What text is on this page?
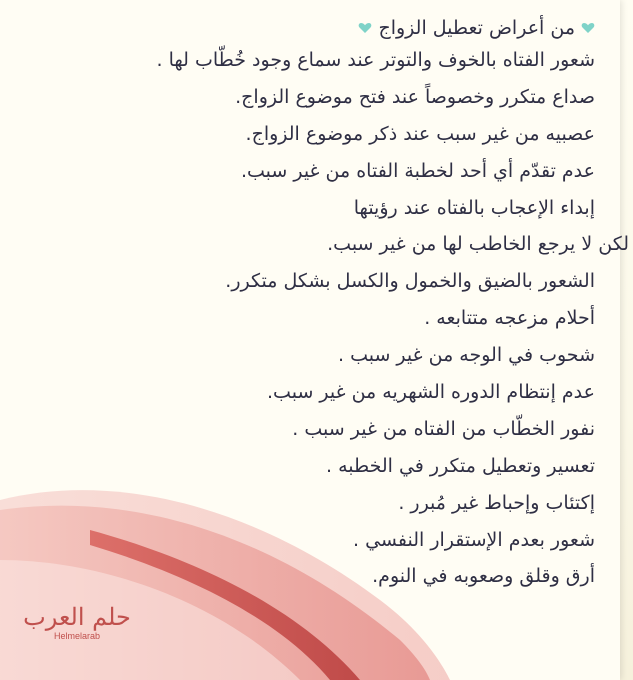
من أعراض تعطيل الزواج
شعور الفتاه بالخوف والتوتر عند سماع وجود خُطّاب لها .
صداع متكرر وخصوصاً عند فتح موضوع الزواج.
عصبيه من غير سبب عند ذكر موضوع الزواج.
عدم تقدّم أي أحد لخطبة الفتاه من غير سبب.
إبداء الإعجاب بالفتاه عند رؤيتها
لكن لا يرجع الخاطب لها من غير سبب.
الشعور بالضيق والخمول والكسل بشكل متكرر.
أحلام مزعجه متتابعه .
شحوب في الوجه من غير سبب .
عدم إنتظام الدوره الشهريه من غير سبب.
نفور الخطّاب من الفتاه من غير سبب .
تعسير وتعطيل متكرر في الخطبه .
إكتئاب وإحباط غير مُبرر .
شعور بعدم الإستقرار النفسي .
أرق وقلق وصعوبه في النوم.
حلم العرب
Helmelarab
